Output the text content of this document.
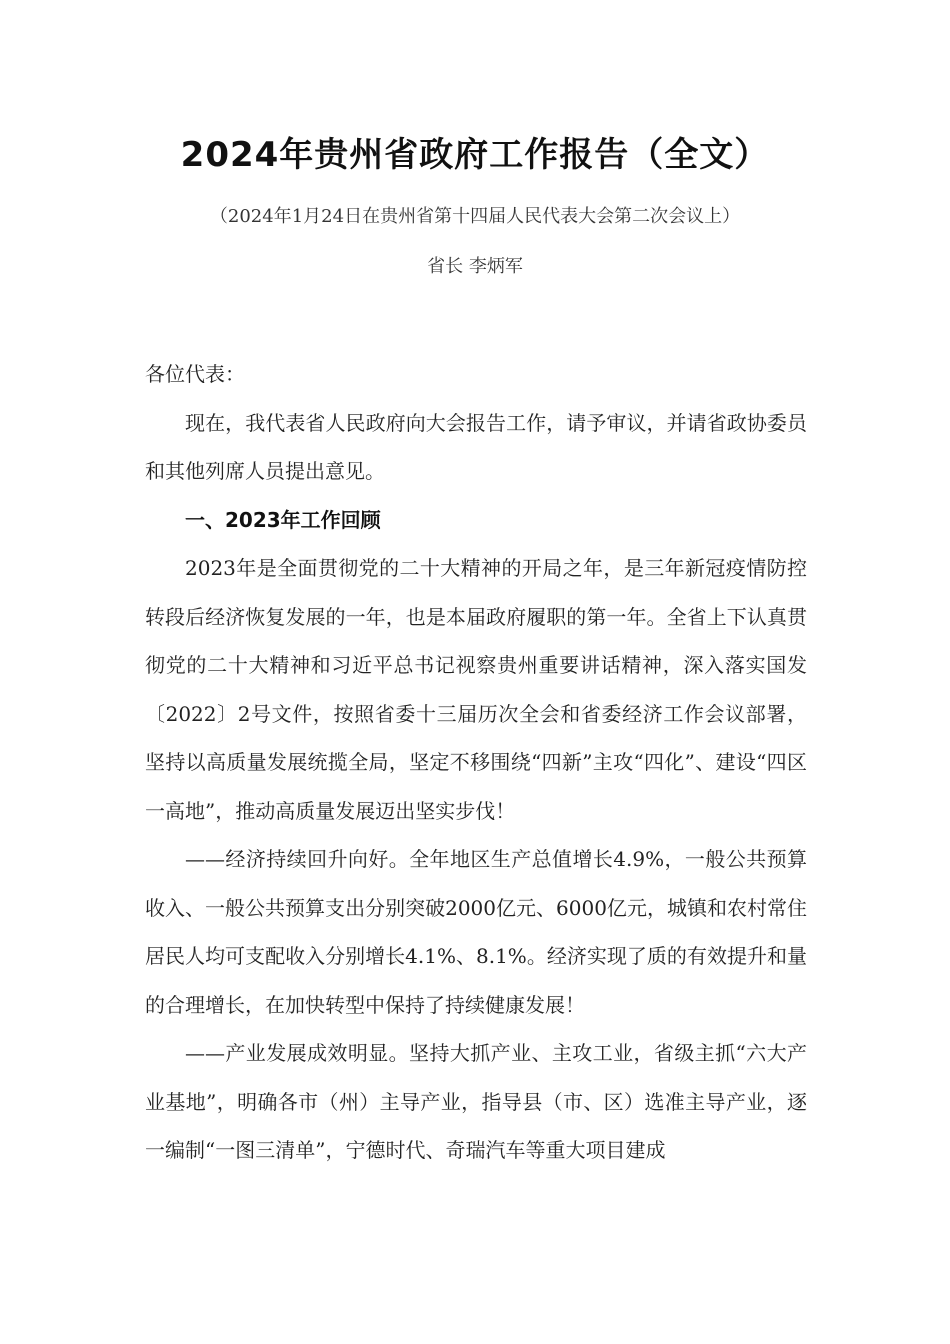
2024年贵州省政府工作报告（全文）
（2024年1月24日在贵州省第十四届人民代表大会第二次会议上）
省长 李炳军

各位代表：

现在，我代表省人民政府向大会报告工作，请予审议，并请省政协委员和其他列席人员提出意见。

一、2023年工作回顾

2023年是全面贯彻党的二十大精神的开局之年，是三年新冠疫情防控转段后经济恢复发展的一年，也是本届政府履职的第一年。全省上下认真贯彻党的二十大精神和习近平总书记视察贵州重要讲话精神，深入落实国发〔2022〕2号文件，按照省委十三届历次全会和省委经济工作会议部署，坚持以高质量发展统揽全局，坚定不移围绕“四新”主攻“四化”、建设“四区一高地”，推动高质量发展迈出坚实步伐！

——经济持续回升向好。全年地区生产总值增长4.9%，一般公共预算收入、一般公共预算支出分别突破2000亿元、6000亿元，城镇和农村常住居民人均可支配收入分别增长4.1%、8.1%。经济实现了质的有效提升和量的合理增长，在加快转型中保持了持续健康发展！

——产业发展成效明显。坚持大抓产业、主攻工业，省级主抓“六大产业基地”，明确各市（州）主导产业，指导县（市、区）选准主导产业，逐一编制“一图三清单”，宁德时代、奇瑞汽车等重大项目建成
